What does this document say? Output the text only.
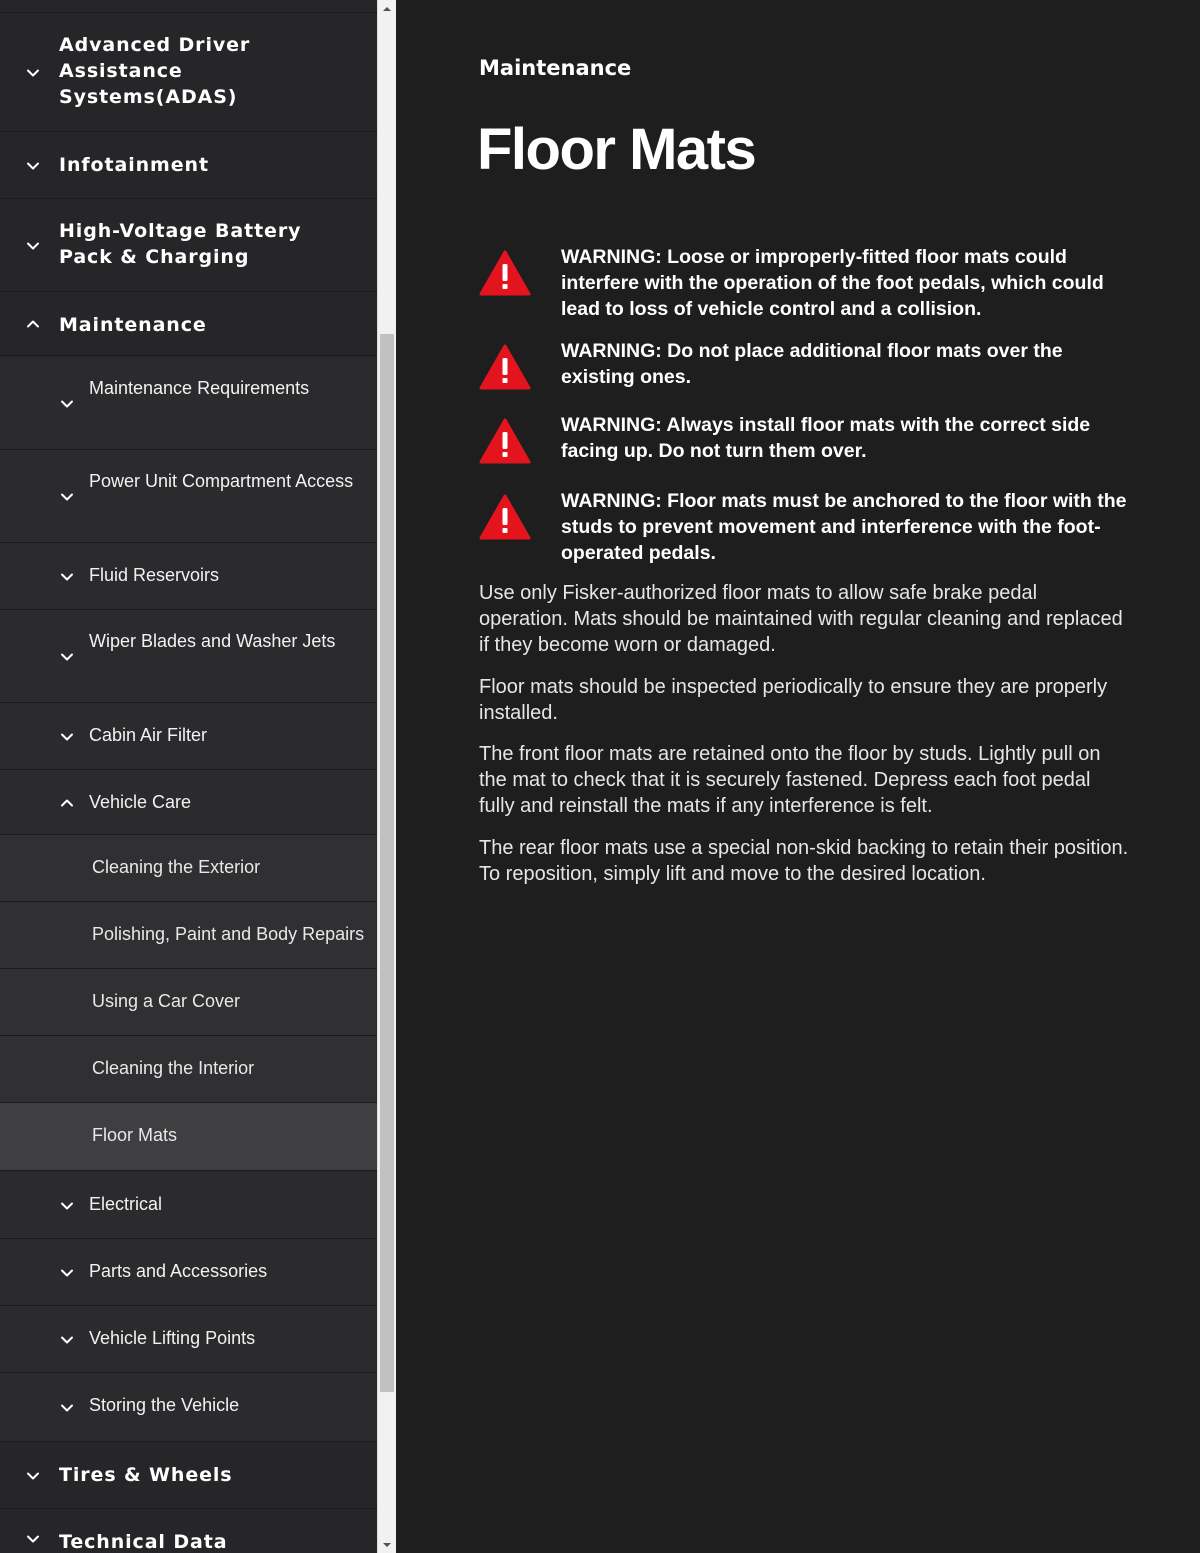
Advanced Driver Assistance Systems(ADAS)
Infotainment
High-Voltage Battery Pack & Charging
Maintenance
Maintenance Requirements
Power Unit Compartment Access
Fluid Reservoirs
Wiper Blades and Washer Jets
Cabin Air Filter
Vehicle Care
Cleaning the Exterior
Polishing, Paint and Body Repairs
Using a Car Cover
Cleaning the Interior
Floor Mats
Electrical
Parts and Accessories
Vehicle Lifting Points
Storing the Vehicle
Tires & Wheels
Technical Data
Maintenance
Floor Mats
WARNING: Loose or improperly-fitted floor mats could interfere with the operation of the foot pedals, which could lead to loss of vehicle control and a collision.
WARNING: Do not place additional floor mats over the existing ones.
WARNING: Always install floor mats with the correct side facing up. Do not turn them over.
WARNING: Floor mats must be anchored to the floor with the studs to prevent movement and interference with the foot-operated pedals.

Use only Fisker-authorized floor mats to allow safe brake pedal operation. Mats should be maintained with regular cleaning and replaced if they become worn or damaged.

Floor mats should be inspected periodically to ensure they are properly installed.

The front floor mats are retained onto the floor by studs. Lightly pull on the mat to check that it is securely fastened. Depress each foot pedal fully and reinstall the mats if any interference is felt.

The rear floor mats use a special non-skid backing to retain their position. To reposition, simply lift and move to the desired location.
